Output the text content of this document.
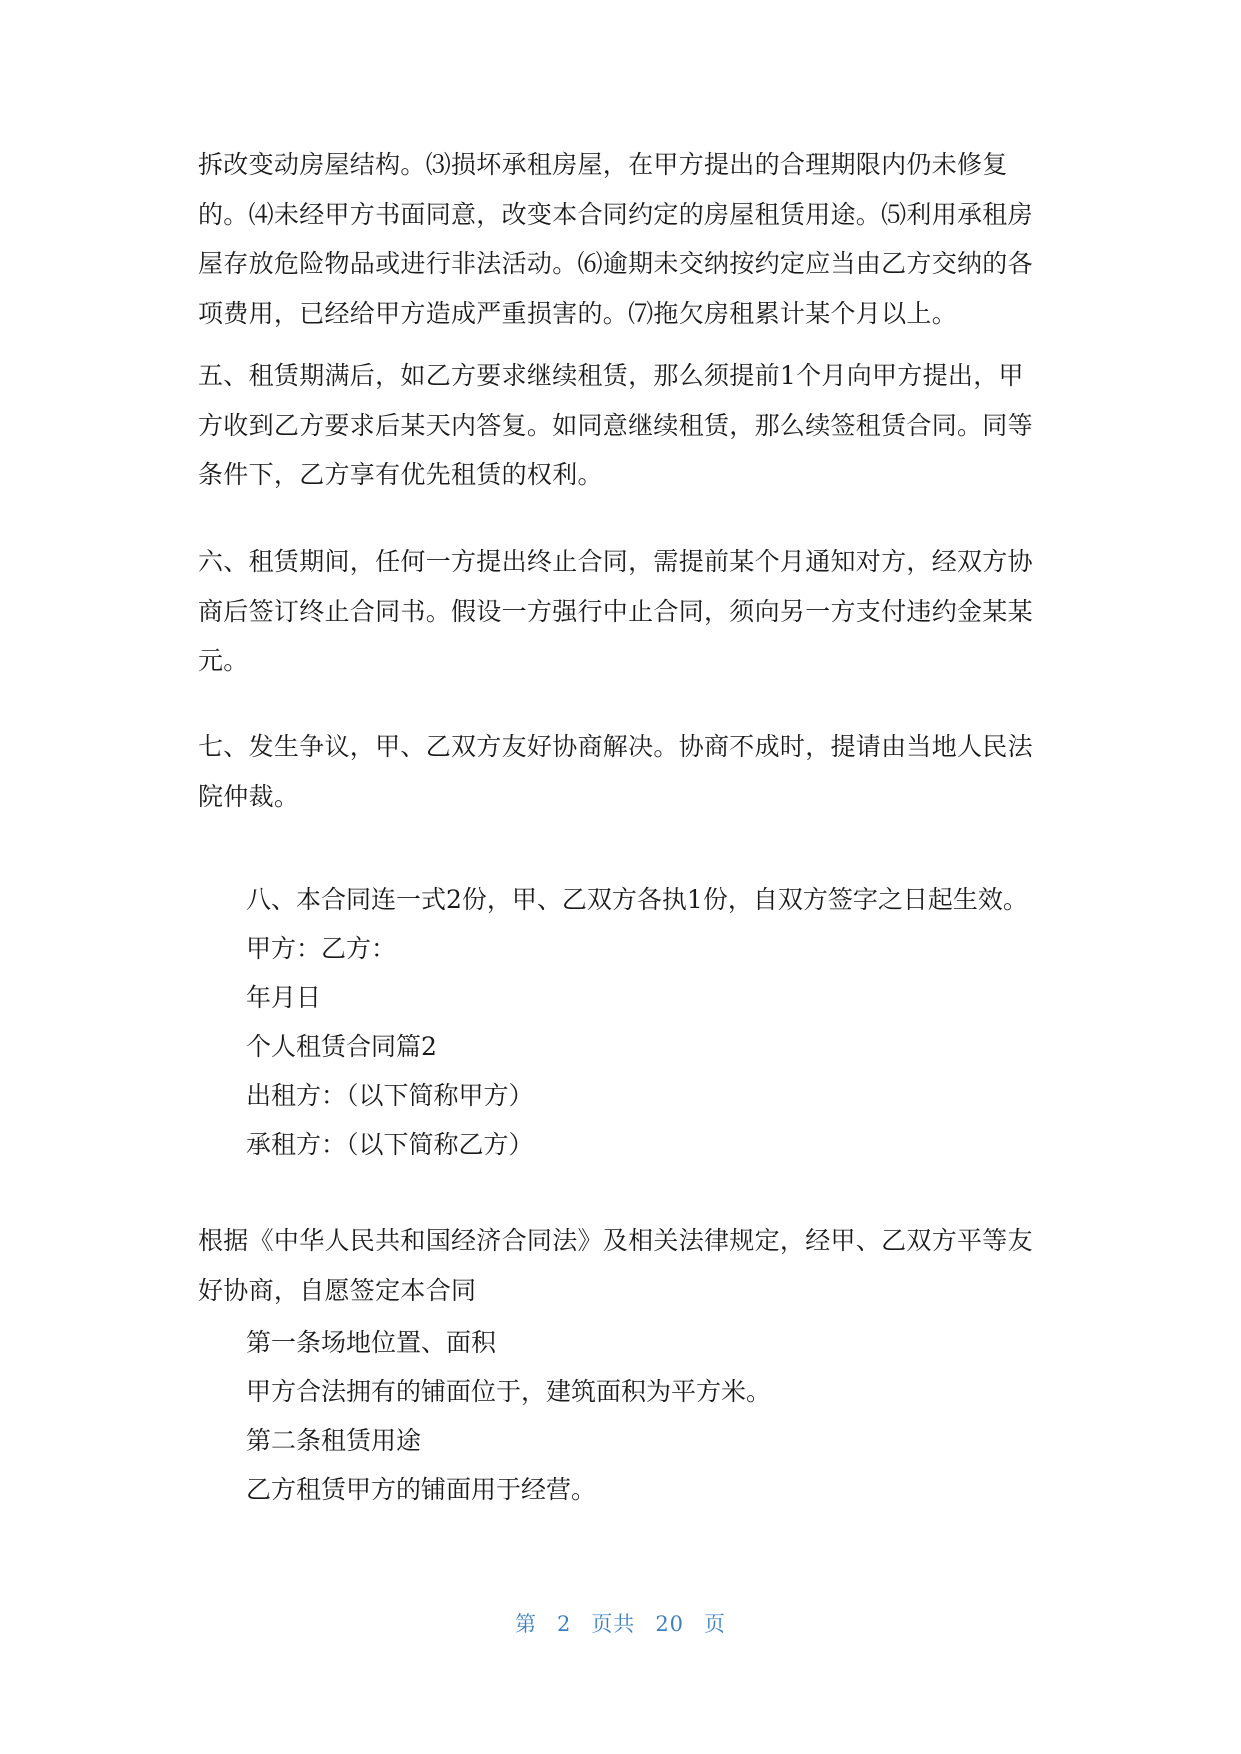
拆改变动房屋结构。⑶损坏承租房屋，在甲方提出的合理期限内仍未修复的。⑷未经甲方书面同意，改变本合同约定的房屋租赁用途。⑸利用承租房屋存放危险物品或进行非法活动。⑹逾期未交纳按约定应当由乙方交纳的各项费用，已经给甲方造成严重损害的。⑺拖欠房租累计某个月以上。

五、租赁期满后，如乙方要求继续租赁，那么须提前1个月向甲方提出，甲方收到乙方要求后某天内答复。如同意继续租赁，那么续签租赁合同。同等条件下，乙方享有优先租赁的权利。

六、租赁期间，任何一方提出终止合同，需提前某个月通知对方，经双方协商后签订终止合同书。假设一方强行中止合同，须向另一方支付违约金某某元。

七、发生争议，甲、乙双方友好协商解决。协商不成时，提请由当地人民法院仲裁。

八、本合同连一式2份，甲、乙双方各执1份，自双方签字之日起生效。

甲方：乙方：

年月日

个人租赁合同篇2

出租方：（以下简称甲方）

承租方：（以下简称乙方）

根据《中华人民共和国经济合同法》及相关法律规定，经甲、乙双方平等友好协商，自愿签定本合同

第一条场地位置、面积

甲方合法拥有的铺面位于，建筑面积为平方米。

第二条租赁用途

乙方租赁甲方的铺面用于经营。

第 2 页共 20 页
